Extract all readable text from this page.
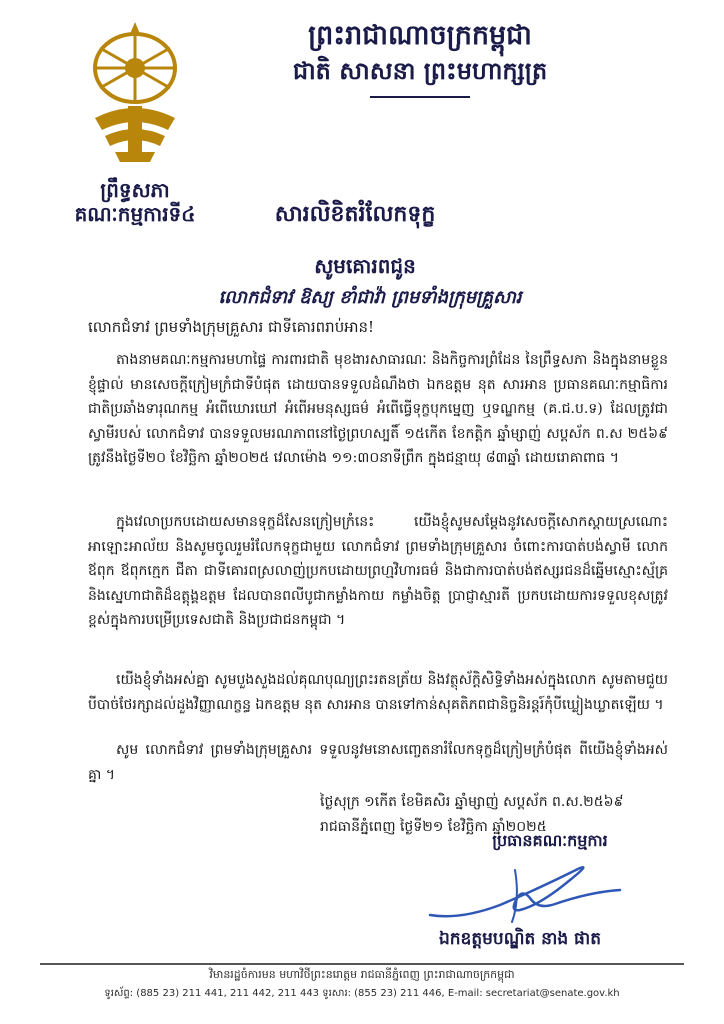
ព្រះរាជាណាចក្រកម្ពុជា
ជាតិ សាសនា ព្រះមហាក្សត្រ
ព្រឹទ្ធសភា
គណៈកម្មការទី៤	សារលិខិតរំលែកទុក្ខ
សូមគោរពជូន
លោកជំទាវ ឱស្យ ខាំជាវ៉ា ព្រមទាំងក្រុមគ្រួសារ
លោកជំទាវ ព្រមទាំងក្រុមគ្រួសារ ជាទីគោរពរាប់អាន!

តាងនាមគណៈកម្មការមហាផ្ទៃ ការពារជាតិ មុខងារសាធារណៈ និងកិច្ចការព្រំដែន នៃព្រឹទ្ធសភា និងក្នុងនាមខ្លួនខ្ញុំផ្ទាល់ មានសេចក្តីក្រៀមក្រំជាទីបំផុត ដោយបានទទួលដំណឹងថា ឯកឧត្តម នុត សារអាន ប្រធានគណៈកម្មាធិការជាតិប្រឆាំងទារុណកម្ម អំពើឃោរឃៅ អំពើអមនុស្សធម៌ អំពើធ្វើទុក្ខបុកម្នេញ ឬទណ្ឌកម្ម (គ.ជ.ប.ទ) ដែលត្រូវជាស្វាមីរបស់ លោកជំទាវ បានទទួលមរណភាពនៅថ្ងៃព្រហស្បតិ៍ ១៥កើត ខែកត្តិក ឆ្នាំម្សាញ់ សប្តស័ក ព.ស ២៥៦៩ ត្រូវនឹងថ្ងៃទី២០ ខែវិច្ឆិកា ឆ្នាំ២០២៥ វេលាម៉ោង ១១:៣០នាទីព្រឹក ក្នុងជន្មាយុ ៨៣ឆ្នាំ ដោយរោគាពាធ ។

ក្នុងវេលាប្រកបដោយសមានទុក្ខដ៏សែនក្រៀមក្រំនេះ យើងខ្ញុំសូមសម្តែងនូវសេចក្តីសោកស្តាយស្រណោះអាឡោះអាល័យ និងសូមចូលរួមរំលែកទុក្ខជាមួយ លោកជំទាវ ព្រមទាំងក្រុមគ្រួសារ ចំពោះការបាត់បង់ស្វាមី លោកឪពុក ឪពុកក្មេក ជីតា ជាទីគោរពស្រលាញ់ប្រកបដោយព្រហ្មវិហារធម៌ និងជាការបាត់បង់ឥស្សរជនដ៏ឆ្នើមស្មោះស្ម័គ្រ និងស្នេហាជាតិដ៏ឧត្តុង្គឧត្តម ដែលបានពលីបូជាកម្លាំងកាយ កម្លាំងចិត្ត ប្រាជ្ញាស្មារតី ប្រកបដោយការទទួលខុសត្រូវខ្ពស់ក្នុងការបម្រើប្រទេសជាតិ និងប្រជាជនកម្ពុជា ។

យើងខ្ញុំទាំងអស់គ្នា សូមបួងសួងដល់គុណបុណ្យព្រះរតនត្រ័យ និងវត្ថុស័ក្តិសិទ្ធិទាំងអស់ក្នុងលោក សូមតាមជួយបីបាច់ថែរក្សាដល់ដួងវិញ្ញាណក្ខន្ធ ឯកឧត្តម នុត សារអាន បានទៅកាន់សុគតិភពជានិច្ចនិរន្តរ៍កុំបីឃ្លៀងឃ្លាតឡើយ ។

សូម លោកជំទាវ ព្រមទាំងក្រុមគ្រួសារ ទទួលនូវមនោសញ្ចេតនារំលែកទុក្ខដ៏ក្រៀមក្រំបំផុត ពីយើងខ្ញុំទាំងអស់គ្នា ។

ថ្ងៃសុក្រ ១កើត ខែមិគសិរ ឆ្នាំម្សាញ់ សប្តស័ក ព.ស.២៥៦៩
រាជធានីភ្នំពេញ ថ្ងៃទី២១ ខែវិច្ឆិកា ឆ្នាំ២០២៥
ប្រធានគណៈកម្មការ
ឯកឧត្តមបណ្ឌិត នាង ផាត
វិមានរដ្ឋចំការមន មហាវិថីព្រះនរោត្តម រាជធានីភ្នំពេញ ព្រះរាជាណាចក្រកម្ពុជា
ទូរស័ព្ទ: (885 23) 211 441, 211 442, 211 443 ទូរសារ: (855 23) 211 446, E-mail: secretariat@senate.gov.kh
